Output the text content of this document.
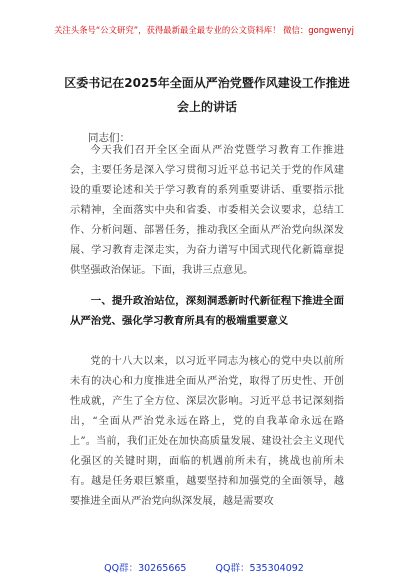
关注头条号“公文研究”，获得最新最全最专业的公文资料库！ 微信：gongwenyj
区委书记在2025年全面从严治党暨作风建设工作推进会上的讲话
同志们：
今天我们召开全区全面从严治党暨学习教育工作推进会，主要任务是深入学习贯彻习近平总书记关于党的作风建设的重要论述和关于学习教育的系列重要讲话、重要指示批示精神，全面落实中央和省委、市委相关会议要求，总结工作、分析问题、部署任务，推动我区全面从严治党向纵深发展、学习教育走深走实，为奋力谱写中国式现代化新篇章提供坚强政治保证。下面，我讲三点意见。
一、提升政治站位，深刻洞悉新时代新征程下推进全面从严治党、强化学习教育所具有的极端重要意义
党的十八大以来，以习近平同志为核心的党中央以前所未有的决心和力度推进全面从严治党，取得了历史性、开创性成就，产生了全方位、深层次影响。习近平总书记深刻指出，“全面从严治党永远在路上，党的自我革命永远在路上”。当前，我们正处在加快高质量发展、建设社会主义现代化强区的关键时期，面临的机遇前所未有，挑战也前所未有。越是任务艰巨繁重，越要坚持和加强党的全面领导，越要推进全面从严治党向纵深发展，越是需要攻
QQ群：30265665	QQ群：535304092
